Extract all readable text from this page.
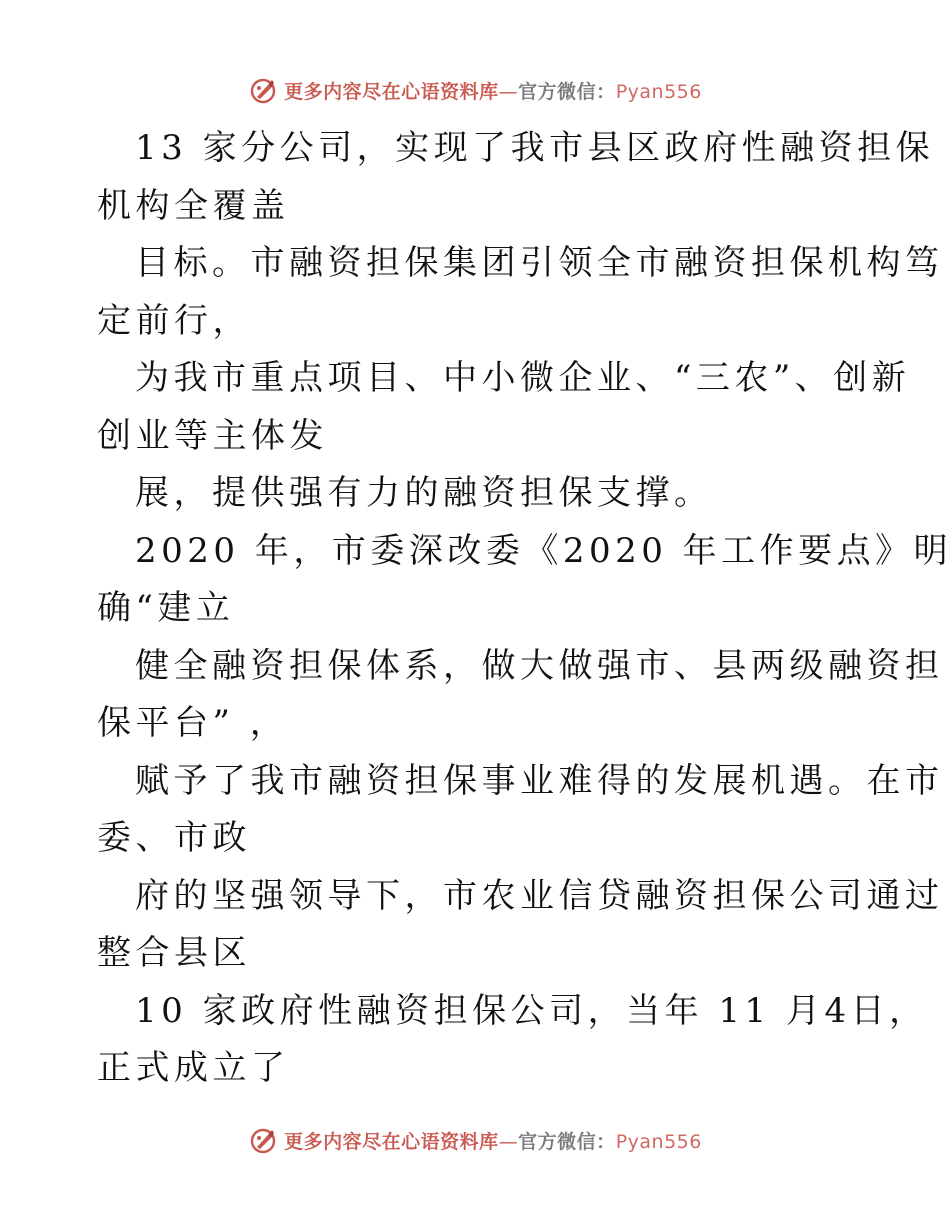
更多内容尽在心语资料库—官方微信：Pyan556
13 家分公司，实现了我市县区政府性融资担保
机构全覆盖
目标。市融资担保集团引领全市融资担保机构笃
定前行，
为我市重点项目、中小微企业、“三农”、创新
创业等主体发
展，提供强有力的融资担保支撑。
2020 年，市委深改委《2020 年工作要点》明
确“建立
健全融资担保体系，做大做强市、县两级融资担
保平台” ，
赋予了我市融资担保事业难得的发展机遇。在市
委、市政
府的坚强领导下，市农业信贷融资担保公司通过
整合县区
10 家政府性融资担保公司，当年 11 月4日，
正式成立了
更多内容尽在心语资料库—官方微信：Pyan556
